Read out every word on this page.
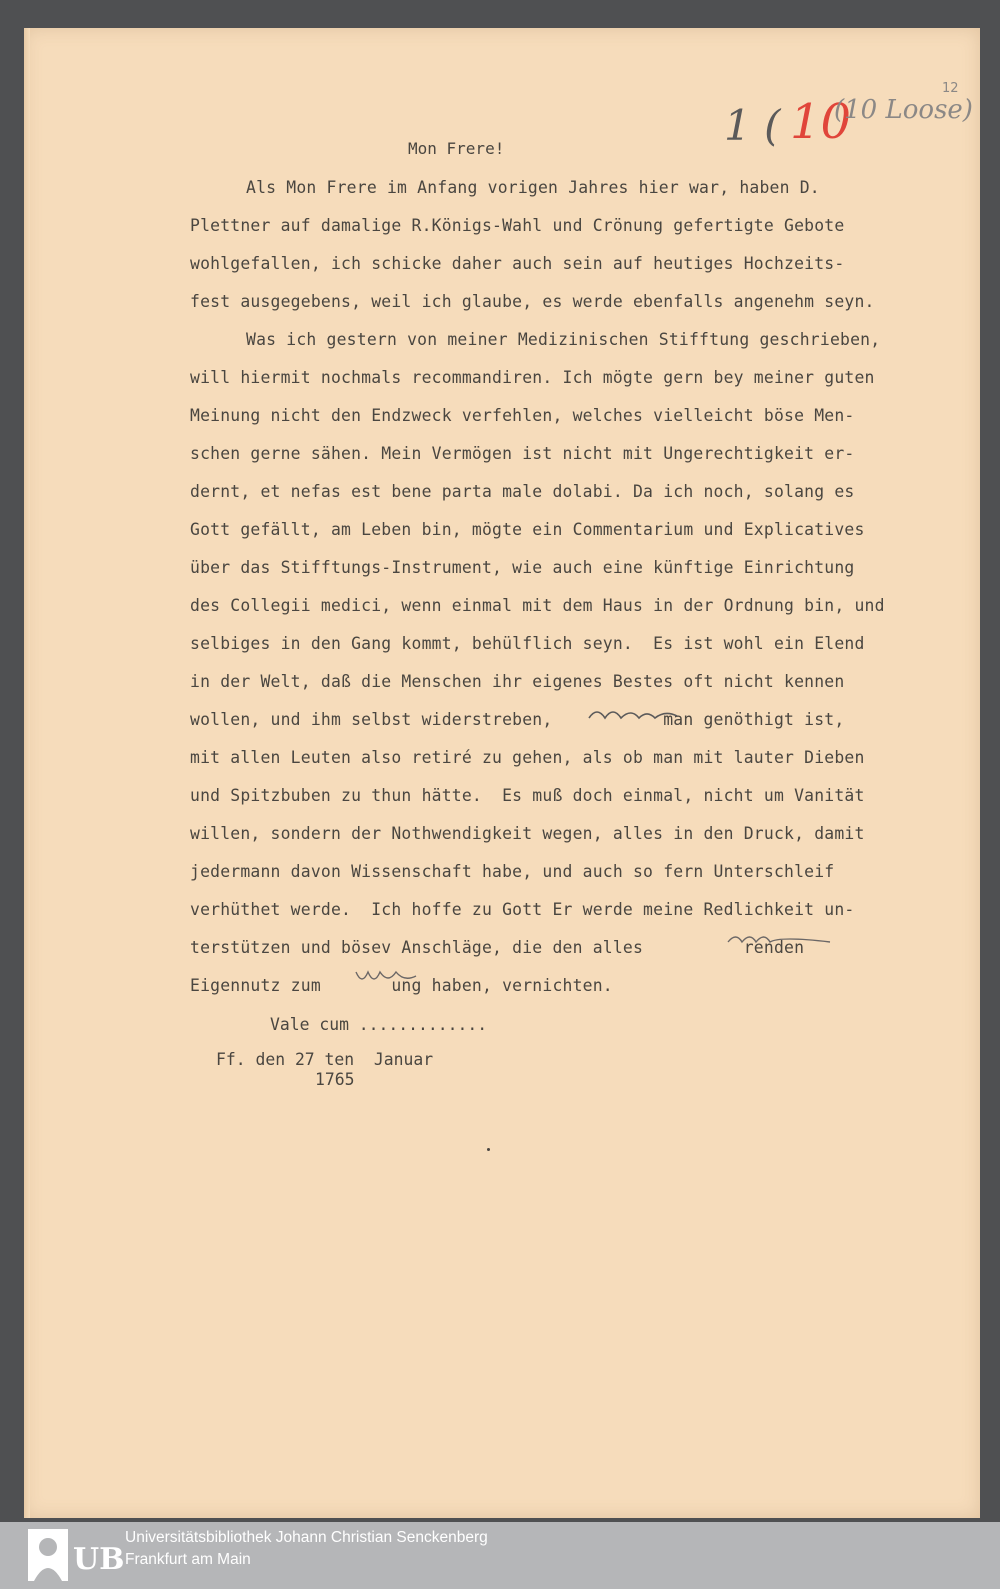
1 ( 10
(10 Loose)
12
Mon Frere!
Als Mon Frere im Anfang vorigen Jahres hier war, haben D.
Plettner auf damalige R.Königs-Wahl und Crönung gefertigte Gebote
wohlgefallen, ich schicke daher auch sein auf heutiges Hochzeits-
fest ausgegebens, weil ich glaube, es werde ebenfalls angenehm seyn.
Was ich gestern von meiner Medizinischen Stifftung geschrieben,
will hiermit nochmals recommandiren. Ich mögte gern bey meiner guten
Meinung nicht den Endzweck verfehlen, welches vielleicht böse Men-
schen gerne sähen. Mein Vermögen ist nicht mit Ungerechtigkeit er-
dernt, et nefas est bene parta male dolabi. Da ich noch, solang es
Gott gefällt, am Leben bin, mögte ein Commentarium und Explicatives
über das Stifftungs-Instrument, wie auch eine künftige Einrichtung
des Collegii medici, wenn einmal mit dem Haus in der Ordnung bin, und
selbiges in den Gang kommt, behülflich seyn.  Es ist wohl ein Elend
in der Welt, daß die Menschen ihr eigenes Bestes oft nicht kennen
wollen, und ihm selbst widerstreben,           man genöthigt ist,
mit allen Leuten also retiré zu gehen, als ob man mit lauter Dieben
und Spitzbuben zu thun hätte.  Es muß doch einmal, nicht um Vanität
willen, sondern der Nothwendigkeit wegen, alles in den Druck, damit
jedermann davon Wissenschaft habe, und auch so fern Unterschleif
verhüthet werde.  Ich hoffe zu Gott Er werde meine Redlichkeit un-
terstützen und bösev Anschläge, die den alles          renden
Eigennutz zum       ung haben, vernichten.
Vale cum .............
Ff. den 27 ten  Januar
1765
UB
Universitätsbibliothek Johann Christian Senckenberg
Frankfurt am Main
